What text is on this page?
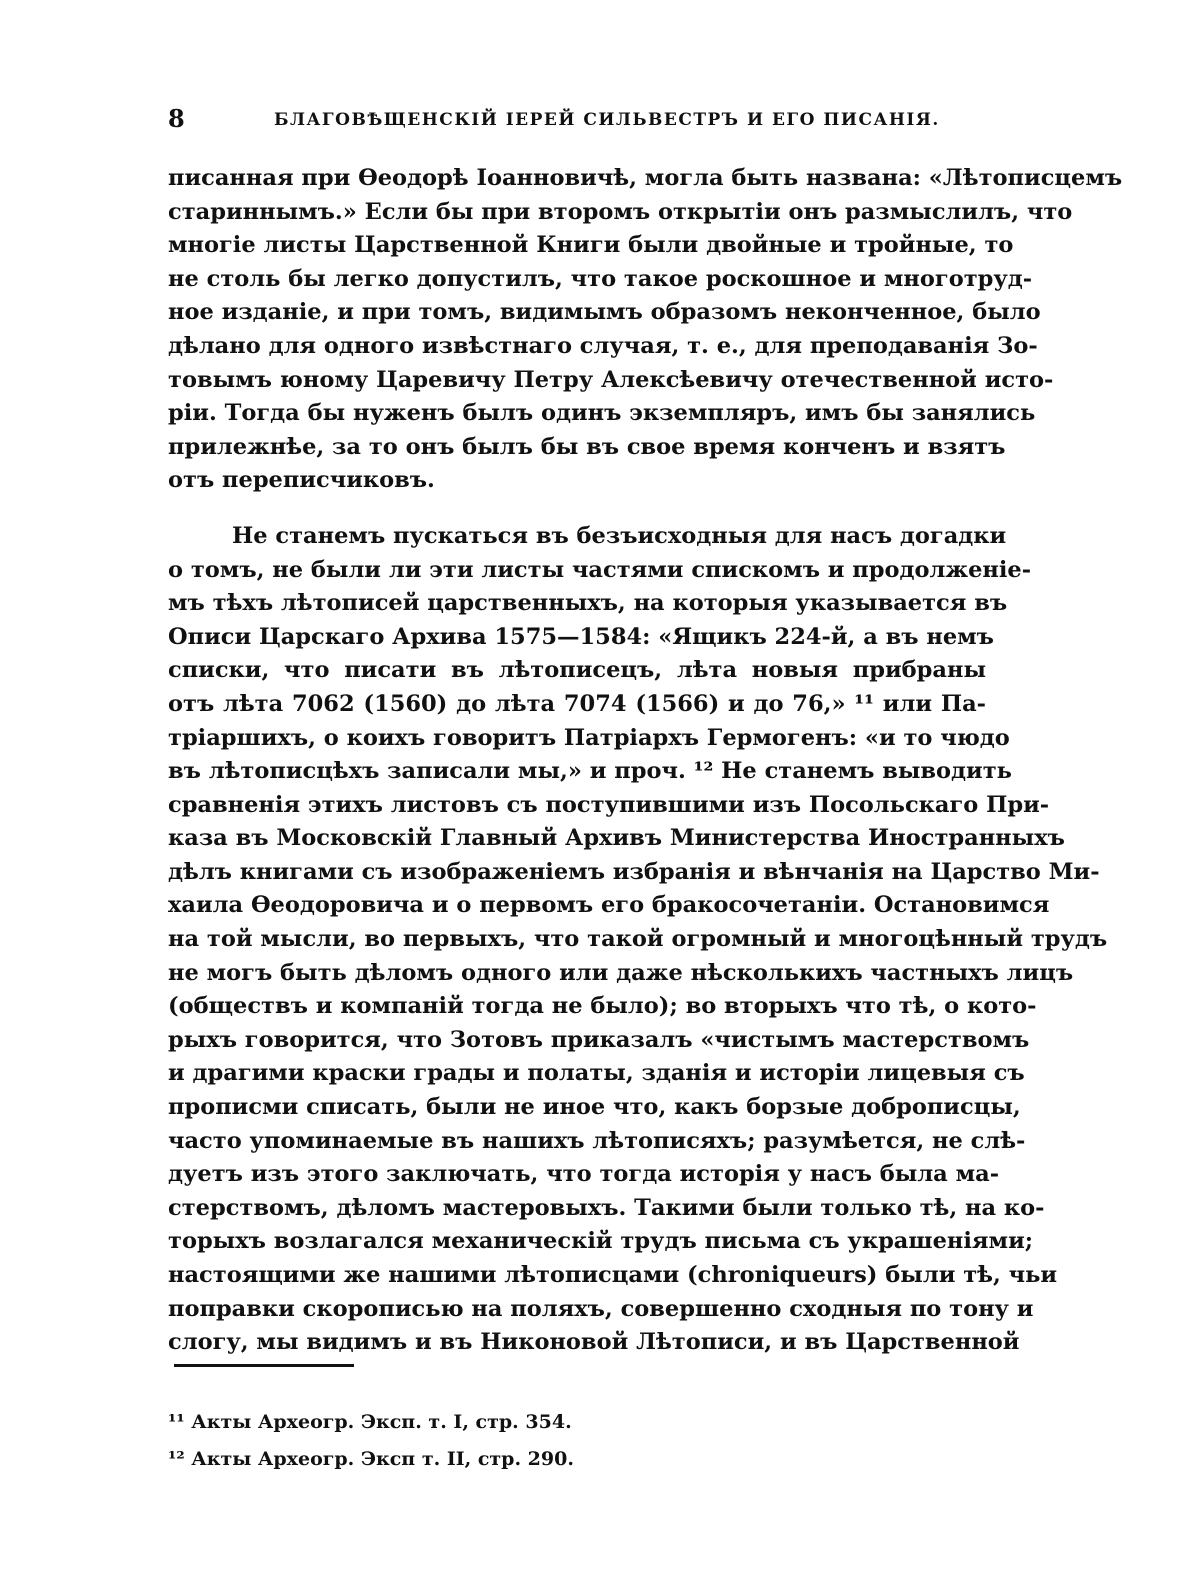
8	БЛАГОВѢЩЕНСКІЙ ІЕРЕЙ СИЛЬВЕСТРЪ И ЕГО ПИСАНІЯ.
писанная при Ѳеодорѣ Іоанновичѣ, могла быть названа: «Лѣтописцемъ
стариннымъ.» Если бы при второмъ открытіи онъ размыслилъ, что
многіе листы Царственной Книги были двойные и тройные, то
не столь бы легко допустилъ, что такое роскошное и многотруд-
ное изданіе, и при томъ, видимымъ образомъ неконченное, было
дѣлано для одного извѣстнаго случая, т. е., для преподаванія Зо-
товымъ юному Царевичу Петру Алексѣевичу отечественной исто-
ріи. Тогда бы нуженъ былъ одинъ экземпляръ, имъ бы занялись
прилежнѣе, за то онъ былъ бы въ свое время конченъ и взятъ
отъ переписчиковъ.
Не станемъ пускаться въ безъисходныя для насъ догадки
о томъ, не были ли эти листы частями спискомъ и продолженіе-
мъ тѣхъ лѣтописей царственныхъ, на которыя указывается въ
Описи Царскаго Архива 1575—1584: «Ящикъ 224-й, а въ немъ
списки, что писати въ лѣтописецъ, лѣта новыя прибраны
отъ лѣта 7062 (1560) до лѣта 7074 (1566) и до 76,» ¹¹ или Па-
тріаршихъ, о коихъ говоритъ Патріархъ Гермогенъ: «и то чюдо
въ лѣтописцѣхъ записали мы,» и проч. ¹² Не станемъ выводить
сравненія этихъ листовъ съ поступившими изъ Посольскаго При-
каза въ Московскій Главный Архивъ Министерства Иностранныхъ
дѣлъ книгами съ изображеніемъ избранія и вѣнчанія на Царство Ми-
хаила Ѳеодоровича и о первомъ его бракосочетаніи. Остановимся
на той мысли, во первыхъ, что такой огромный и многоцѣнный трудъ
не могъ быть дѣломъ одного или даже нѣсколькихъ частныхъ лицъ
(обществъ и компаній тогда не было); во вторыхъ что тѣ, о кото-
рыхъ говорится, что Зотовъ приказалъ «чистымъ мастерствомъ
и драгими краски грады и полаты, зданія и исторіи лицевыя съ
прописми списать, были не иное что, какъ борзые доброписцы,
часто упоминаемые въ нашихъ лѣтописяхъ; разумѣется, не слѣ-
дуетъ изъ этого заключать, что тогда исторія у насъ была ма-
стерствомъ, дѣломъ мастеровыхъ. Такими были только тѣ, на ко-
торыхъ возлагался механическій трудъ письма съ украшеніями;
настоящими же нашими лѣтописцами (chroniqueurs) были тѣ, чьи
поправки скорописью на поляхъ, совершенно сходныя по тону и
слогу, мы видимъ и въ Никоновой Лѣтописи, и въ Царственной
¹¹ Акты Археогр. Эксп. т. I, стр. 354.
¹² Акты Археогр. Эксп т. II, стр. 290.
